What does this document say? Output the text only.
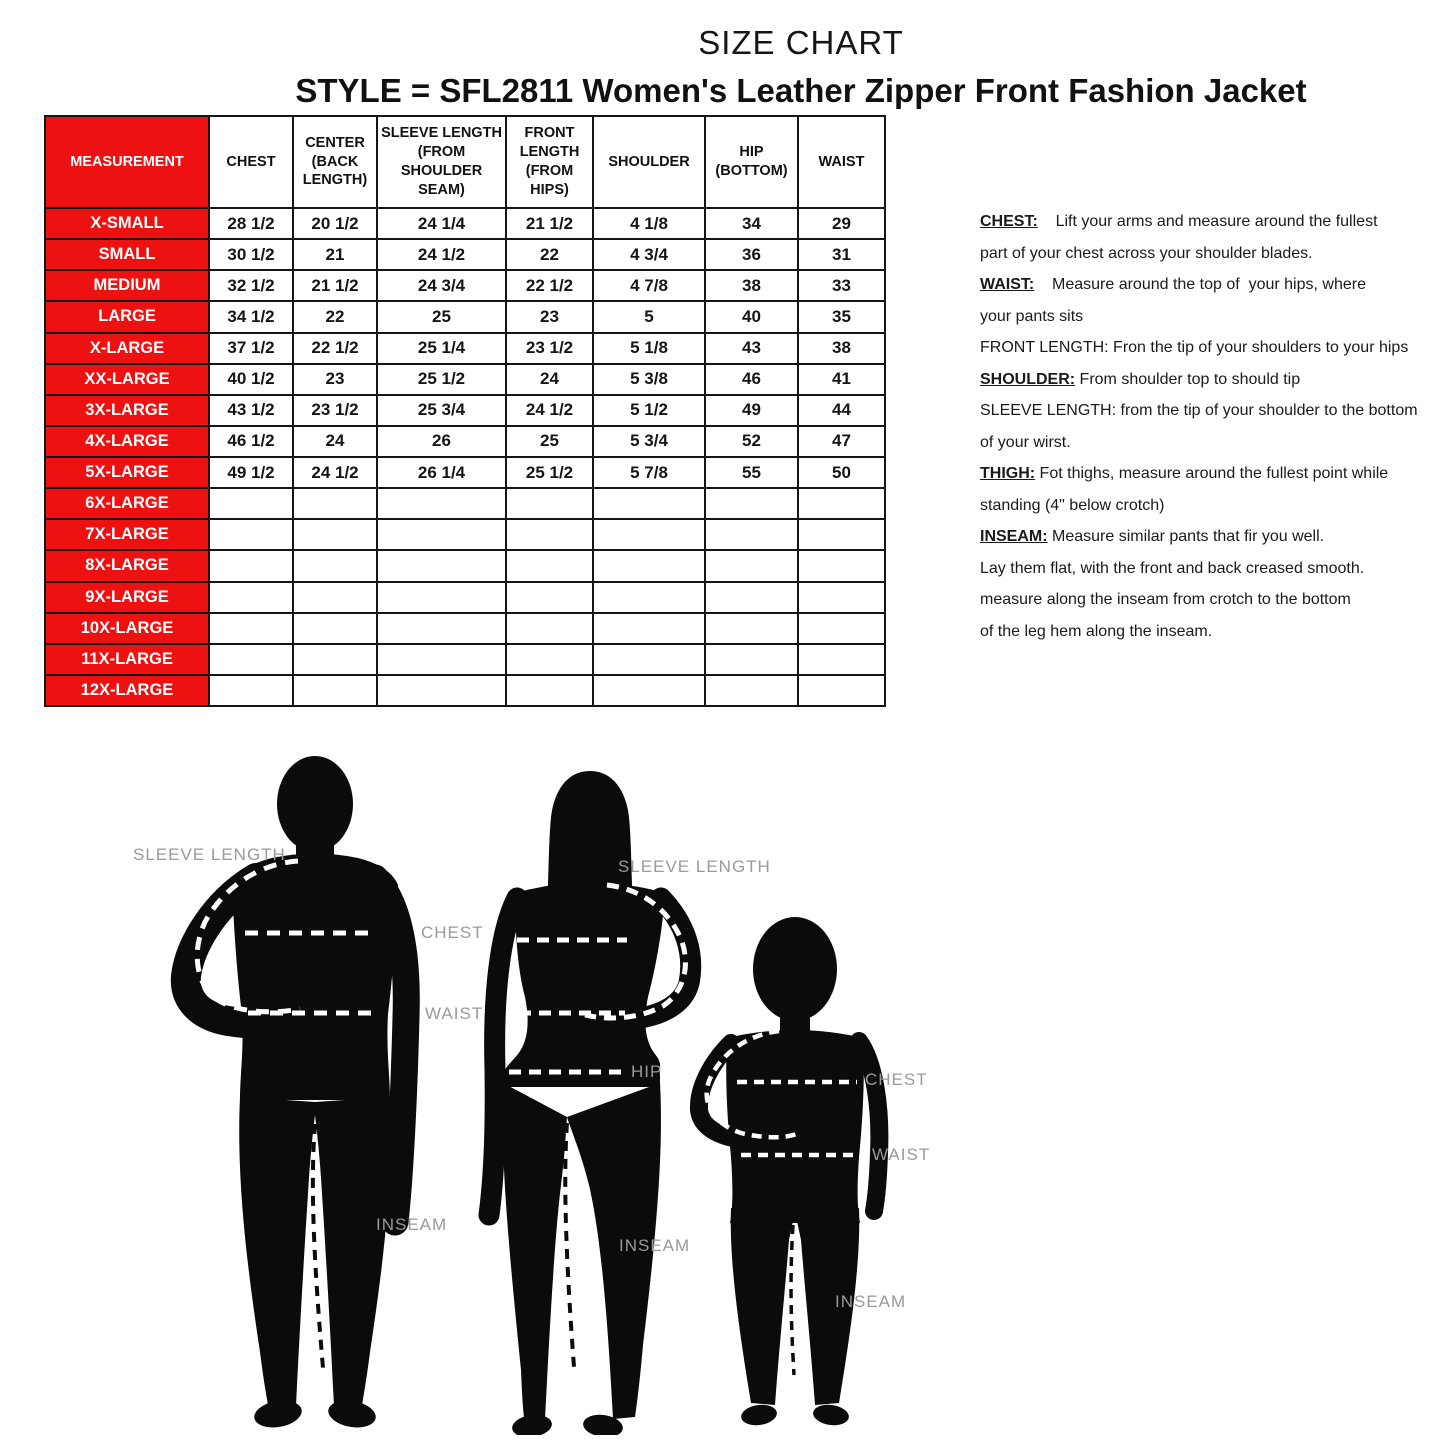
SIZE CHART
STYLE = SFL2811 Women's Leather Zipper Front Fashion Jacket
MEASUREMENT	CHEST	CENTER (BACK LENGTH)	SLEEVE LENGTH (FROM SHOULDER SEAM)	FRONT LENGTH (FROM HIPS)	SHOULDER	HIP (BOTTOM)	WAIST
X-SMALL	28 1/2	20 1/2	24 1/4	21 1/2	4 1/8	34	29
SMALL	30 1/2	21	24 1/2	22	4 3/4	36	31
MEDIUM	32 1/2	21 1/2	24 3/4	22 1/2	4 7/8	38	33
LARGE	34 1/2	22	25	23	5	40	35
X-LARGE	37 1/2	22 1/2	25 1/4	23 1/2	5 1/8	43	38
XX-LARGE	40 1/2	23	25 1/2	24	5 3/8	46	41
3X-LARGE	43 1/2	23 1/2	25 3/4	24 1/2	5 1/2	49	44
4X-LARGE	46 1/2	24	26	25	5 3/4	52	47
5X-LARGE	49 1/2	24 1/2	26 1/4	25 1/2	5 7/8	55	50
6X-LARGE							
7X-LARGE							
8X-LARGE							
9X-LARGE							
10X-LARGE							
11X-LARGE							
12X-LARGE							
CHEST:    Lift your arms and measure around the fullest
part of your chest across your shoulder blades.
WAIST:    Measure around the top of  your hips, where
your pants sits
FRONT LENGTH: Fron the tip of your shoulders to your hips
SHOULDER: From shoulder top to should tip
SLEEVE LENGTH: from the tip of your shoulder to the bottom
of your wirst.
THIGH: Fot thighs, measure around the fullest point while
standing (4" below crotch)
INSEAM: Measure similar pants that fir you well.
Lay them flat, with the front and back creased smooth.
measure along the inseam from crotch to the bottom
of the leg hem along the inseam.
SLEEVE LENGTH
CHEST
WAIST
INSEAM
SLEEVE LENGTH
HIP
INSEAM
CHEST
WAIST
INSEAM
